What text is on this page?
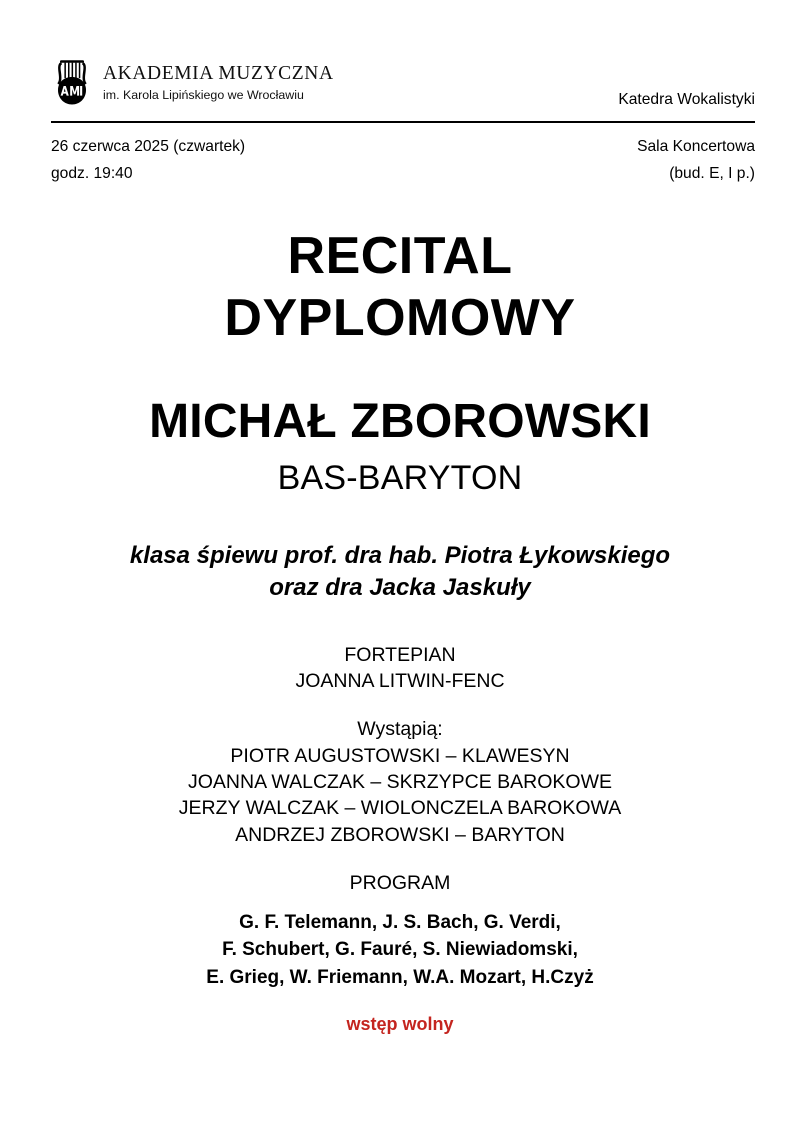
AKADEMIA MUZYCZNA
im. Karola Lipińskiego we Wrocławiu	Katedra Wokalistyki
26 czerwca 2025 (czwartek)
godz. 19:40
Sala Koncertowa
(bud. E, I p.)
RECITAL
DYPLOMOWY
MICHAŁ ZBOROWSKI
BAS-BARYTON
klasa śpiewu prof. dra hab. Piotra Łykowskiego
oraz dra Jacka Jaskuły
FORTEPIAN
JOANNA LITWIN-FENC
Wystąpią:
PIOTR AUGUSTOWSKI – KLAWESYN
JOANNA WALCZAK – SKRZYPCE BAROKOWE
JERZY WALCZAK – WIOLONCZELA BAROKOWA
ANDRZEJ ZBOROWSKI – BARYTON
PROGRAM
G. F. Telemann, J. S. Bach, G. Verdi,
F. Schubert, G. Fauré, S. Niewiadomski,
E. Grieg, W. Friemann, W.A. Mozart, H.Czyż
wstęp wolny
